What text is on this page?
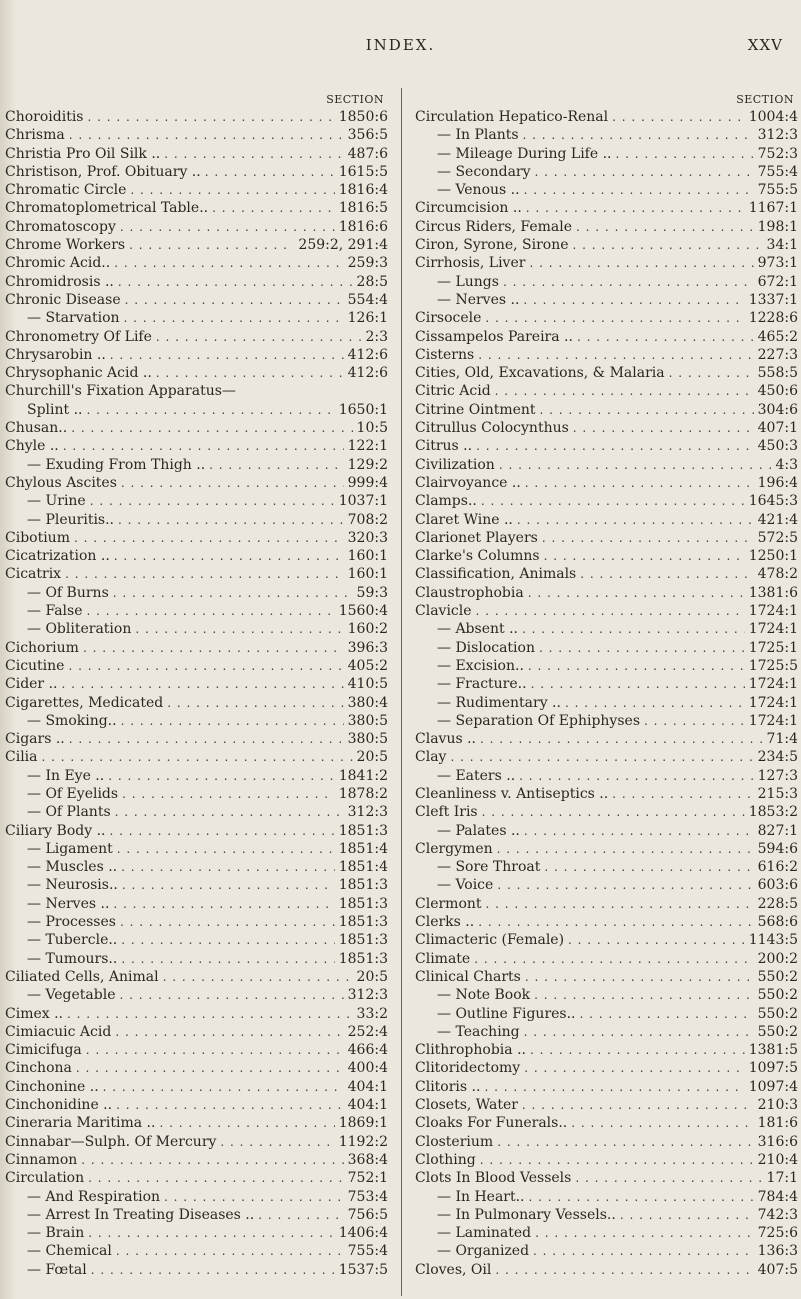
INDEX.	XXV
SECTION
Choroiditis . . .	1850:6
Chrisma . . .	356:5
Christia Pro Oil Silk .. . . .	487:6
Christison, Prof. Obituary .. . . .	1615:5
Chromatic Circle . . .	1816:4
Chromatoplometrical Table.. . . .	1816:5
Chromatoscopy . . .	1816:6
Chrome Workers . . .	259:2, 291:4
Chromic Acid.. . . .	259:3
Chromidrosis .. . . .	28:5
Chronic Disease . . .	554:4
— Starvation . . .	126:1
Chronometry Of Life . . .	2:3
Chrysarobin .. . . .	412:6
Chrysophanic Acid .. . . .	412:6
Churchill's Fixation Apparatus—
Splint .. . . .	1650:1
Chusan.. . . .	10:5
Chyle .. . . .	122:1
— Exuding From Thigh .. . . .	129:2
Chylous Ascites . . .	999:4
— Urine . . .	1037:1
— Pleuritis.. . . .	708:2
Cibotium . . .	320:3
Cicatrization .. . . .	160:1
Cicatrix . . .	160:1
— Of Burns . . .	59:3
— False . . .	1560:4
— Obliteration . . .	160:2
Cichorium . . .	396:3
Cicutine . . .	405:2
Cider .. . . .	410:5
Cigarettes, Medicated . . .	380:4
— Smoking.. . . .	380:5
Cigars .. . . .	380:5
Cilia . . .	20:5
— In Eye .. . . .	1841:2
— Of Eyelids . . .	1878:2
— Of Plants . . .	312:3
Ciliary Body .. . . .	1851:3
— Ligament . . .	1851:4
— Muscles .. . . .	1851:4
— Neurosis.. . . .	1851:3
— Nerves .. . . .	1851:3
— Processes . . .	1851:3
— Tubercle.. . . .	1851:3
— Tumours.. . . .	1851:3
Ciliated Cells, Animal . . .	20:5
— Vegetable . . .	312:3
Cimex .. . . .	33:2
Cimiacuic Acid . . .	252:4
Cimicifuga . . .	466:4
Cinchona . . .	400:4
Cinchonine .. . . .	404:1
Cinchonidine .. . . .	404:1
Cineraria Maritima .. . . .	1869:1
Cinnabar—Sulph. Of Mercury . . .	1192:2
Cinnamon . . .	368:4
Circulation . . .	752:1
— And Respiration . . .	753:4
— Arrest In Treating Diseases .. . . .	756:5
— Brain . . .	1406:4
— Chemical . . .	755:4
— Fœtal . . .	1537:5
SECTION
Circulation Hepatico-Renal . . .	1004:4
— In Plants . . .	312:3
— Mileage During Life .. . . .	752:3
— Secondary . . .	755:4
— Venous .. . . .	755:5
Circumcision .. . . .	1167:1
Circus Riders, Female . . .	198:1
Ciron, Syrone, Sirone . . .	34:1
Cirrhosis, Liver . . .	973:1
— Lungs . . .	672:1
— Nerves .. . . .	1337:1
Cirsocele . . .	1228:6
Cissampelos Pareira .. . . .	465:2
Cisterns . . .	227:3
Cities, Old, Excavations, & Malaria . . .	558:5
Citric Acid . . .	450:6
Citrine Ointment . . .	304:6
Citrullus Colocynthus . . .	407:1
Citrus .. . . .	450:3
Civilization . . .	4:3
Clairvoyance .. . . .	196:4
Clamps.. . . .	1645:3
Claret Wine .. . . .	421:4
Clarionet Players . . .	572:5
Clarke's Columns . . .	1250:1
Classification, Animals . . .	478:2
Claustrophobia . . .	1381:6
Clavicle . . .	1724:1
— Absent .. . . .	1724:1
— Dislocation . . .	1725:1
— Excision.. . . .	1725:5
— Fracture.. . . .	1724:1
— Rudimentary .. . . .	1724:1
— Separation Of Ephiphyses . . .	1724:1
Clavus .. . . .	71:4
Clay . . .	234:5
— Eaters .. . . .	127:3
Cleanliness v. Antiseptics .. . . .	215:3
Cleft Iris . . .	1853:2
— Palates .. . . .	827:1
Clergymen . . .	594:6
— Sore Throat . . .	616:2
— Voice . . .	603:6
Clermont . . .	228:5
Clerks .. . . .	568:6
Climacteric (Female) . . .	1143:5
Climate . . .	200:2
Clinical Charts . . .	550:2
— Note Book . . .	550:2
— Outline Figures.. . . .	550:2
— Teaching . . .	550:2
Clithrophobia .. . . .	1381:5
Clitoridectomy . . .	1097:5
Clitoris .. . . .	1097:4
Closets, Water . . .	210:3
Cloaks For Funerals.. . . .	181:6
Closterium . . .	316:6
Clothing . . .	210:4
Clots In Blood Vessels . . .	17:1
— In Heart.. . . .	784:4
— In Pulmonary Vessels.. . . .	742:3
— Laminated . . .	725:6
— Organized . . .	136:3
Cloves, Oil . . .	407:5
